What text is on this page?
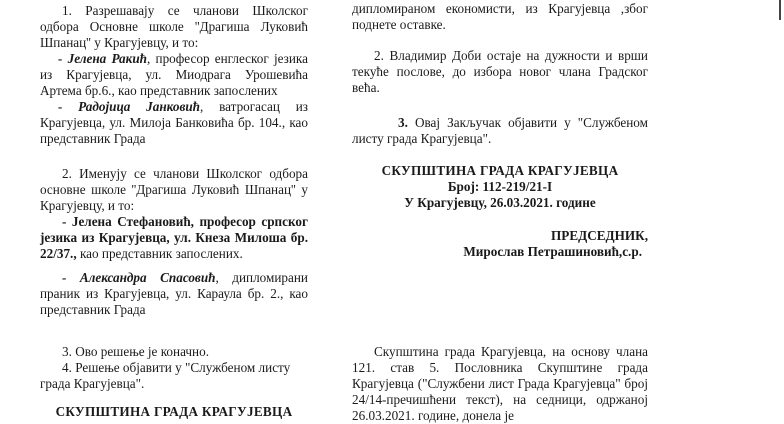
1. Разрешавају се чланови Школског одбора Основне школе ''Драгиша Луковић Шпанац'' у Крагујевцу, и то:

- Јелена Ракић, професор енглеског језика из Крагујевца, ул. Миодрага Урошевића Артема бр.6., као представник запослених

- Радојица Јанковић, ватрогасац из Крагујевца, ул. Милоја Банковића бр. 104., као представник Града

2. Именују се чланови Школског одбора основне школе ''Драгиша Луковић Шпанац'' у Крагујевцу, и то:

- Јелена Стефановић, професор српског језика из Крагујевца, ул. Кнеза Милоша бр. 22/37., као представник запослених.

- Александра Спасовић, дипломирани праник из Крагујевца, ул. Караула бр. 2., као представник Града

3. Ово решење је коначно.

4. Решење објавити у "Службеном листу града Крагујевца".

СКУПШТИНА ГРАДА КРАГУЈЕВЦА

дипломираном економисти, из Крагујевца ,због поднете оставке.

2. Владимир Доби остаје на дужности и врши текуће послове, до избора новог члана Градског већа.

3. Овај Закључак објавити у "Службеном листу града Крагујевца".

СКУПШТИНА ГРАДА КРАГУЈЕВЦА

Број: 112-219/21-I

У Крагујевцу, 26.03.2021. године

ПРЕДСЕДНИК,

Мирослав Петрашиновић,с.р.

Скупштина града Крагујевца, на основу члана 121. став 5. Пословника Скупштине града Крагујевца ("Службени лист Града Крагујевца" број 24/14-пречишћени текст), на седници, одржаној 26.03.2021. године, донела је
